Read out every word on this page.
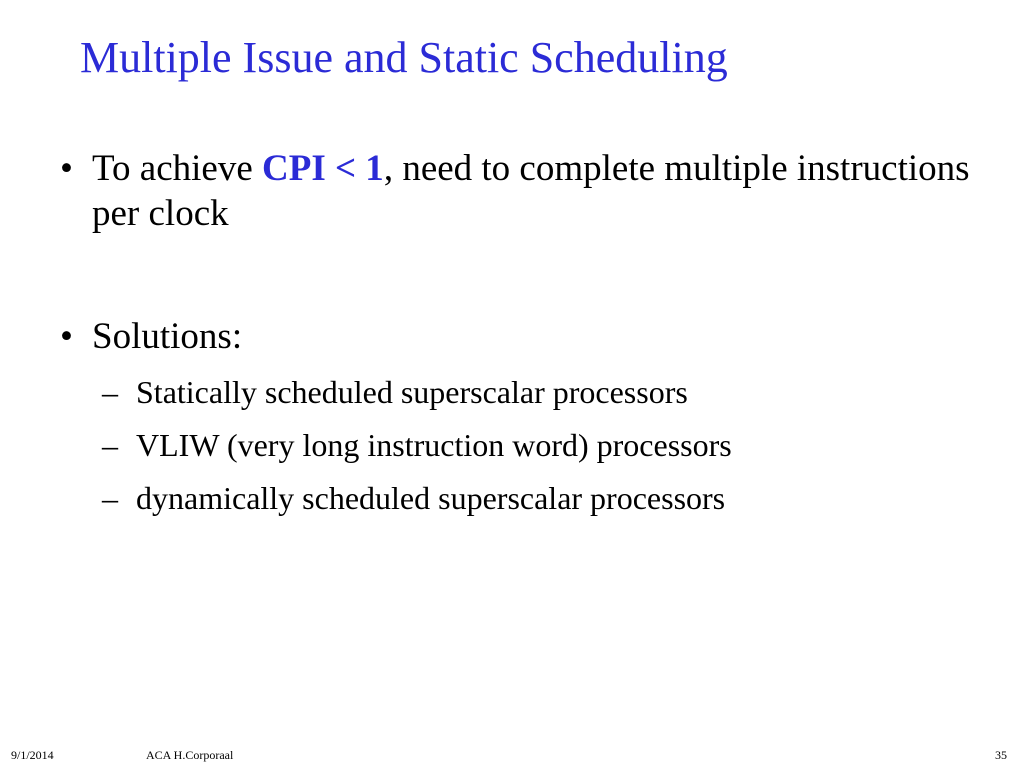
Multiple Issue and Static Scheduling
• To achieve CPI < 1, need to complete multiple instructions per clock
• Solutions:
– Statically scheduled superscalar processors
– VLIW (very long instruction word) processors
– dynamically scheduled superscalar processors
9/1/2014	ACA H.Corporaal	35
